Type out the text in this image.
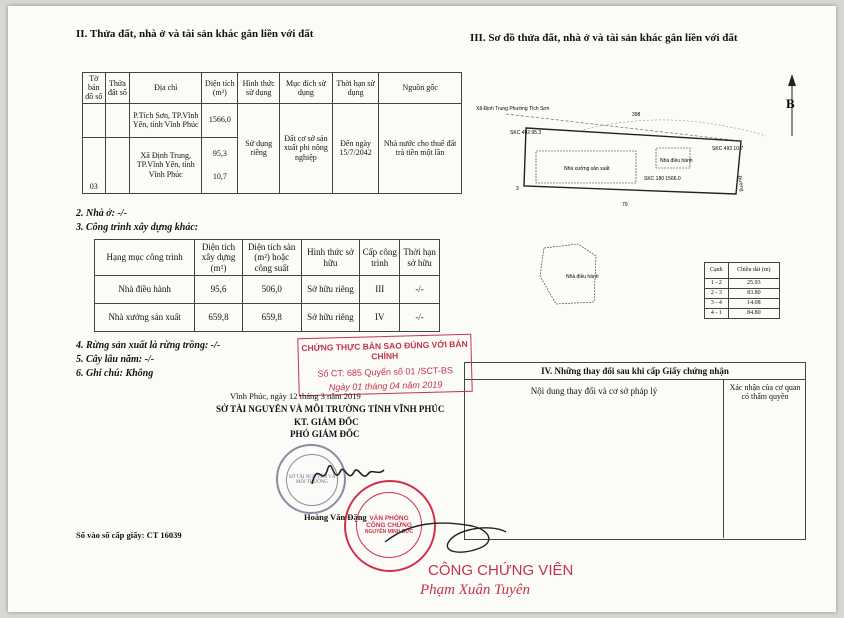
II. Thửa đất, nhà ở và tài sản khác gắn liền với đất
Tờ bản đồ số	Thửa đất số	Địa chỉ	Diện tích (m²)	Hình thức sử dụng	Mục đích sử dụng	Thời hạn sử dụng	Nguồn gốc
		P.Tích Sơn, TP.Vĩnh Yên, tỉnh Vĩnh Phúc	1566,0	Sử dụng riêng	Đất cơ sở sản xuất phi nông nghiệp	Đến ngày 15/7/2042	Nhà nước cho thuê đất trả tiền một lần
03		Xã Định Trung, TP.Vĩnh Yên, tỉnh Vĩnh Phúc	95,3
10,7				
2. Nhà ở: -/-
3. Công trình xây dựng khác:
Hạng mục công trình	Diện tích xây dựng (m²)	Diện tích sàn (m²) hoặc công suất	Hình thức sở hữu	Cấp công trình	Thời hạn sở hữu
Nhà điều hành	95,6	506,0	Sở hữu riêng	III	-/-
Nhà xưởng sản xuất	659,8	659,8	Sở hữu riêng	IV	-/-
4. Rừng sản xuất là rừng trồng: -/-
5. Cây lâu năm: -/-
6. Ghi chú: Không
III. Sơ đồ thửa đất, nhà ở và tài sản khác gắn liền với đất
B
Xã Định Trung Phường Tích Sơn
Nhà xưởng sản xuất
Nhà điều hành
SKC 492 95.3
SKC 493 10.7
SKC 180 1566.0
398
70
3	Đường
Nhà điều hành
Cạnh	Chiều dài (m)
1 - 2	25.93
2 - 3	83.80
3 - 4	14.08
4 - 1	84.80
IV. Những thay đổi sau khi cấp Giấy chứng nhận
Nội dung thay đổi và cơ sở pháp lý	Xác nhận của cơ quan có thẩm quyền
CHỨNG THỰC BẢN SAO ĐÚNG VỚI BẢN CHÍNH
Số CT: 685 Quyển số 01 /SCT-BS
Ngày 01 tháng 04 năm 2019
Vĩnh Phúc, ngày 12 tháng 3 năm 2019
SỞ TÀI NGUYÊN VÀ MÔI TRƯỜNG TỈNH VĨNH PHÚC
KT. GIÁM ĐỐC
PHÓ GIÁM ĐỐC
SỞ TÀI NGUYÊN VÀ MÔI TRƯỜNG
Hoàng Văn Đặng
Số vào số cấp giấy: CT 16039
VĂN PHÒNG
CÔNG CHỨNG
NGUYỄN MINH ĐỨC
CÔNG CHỨNG VIÊN
Phạm Xuân Tuyên
